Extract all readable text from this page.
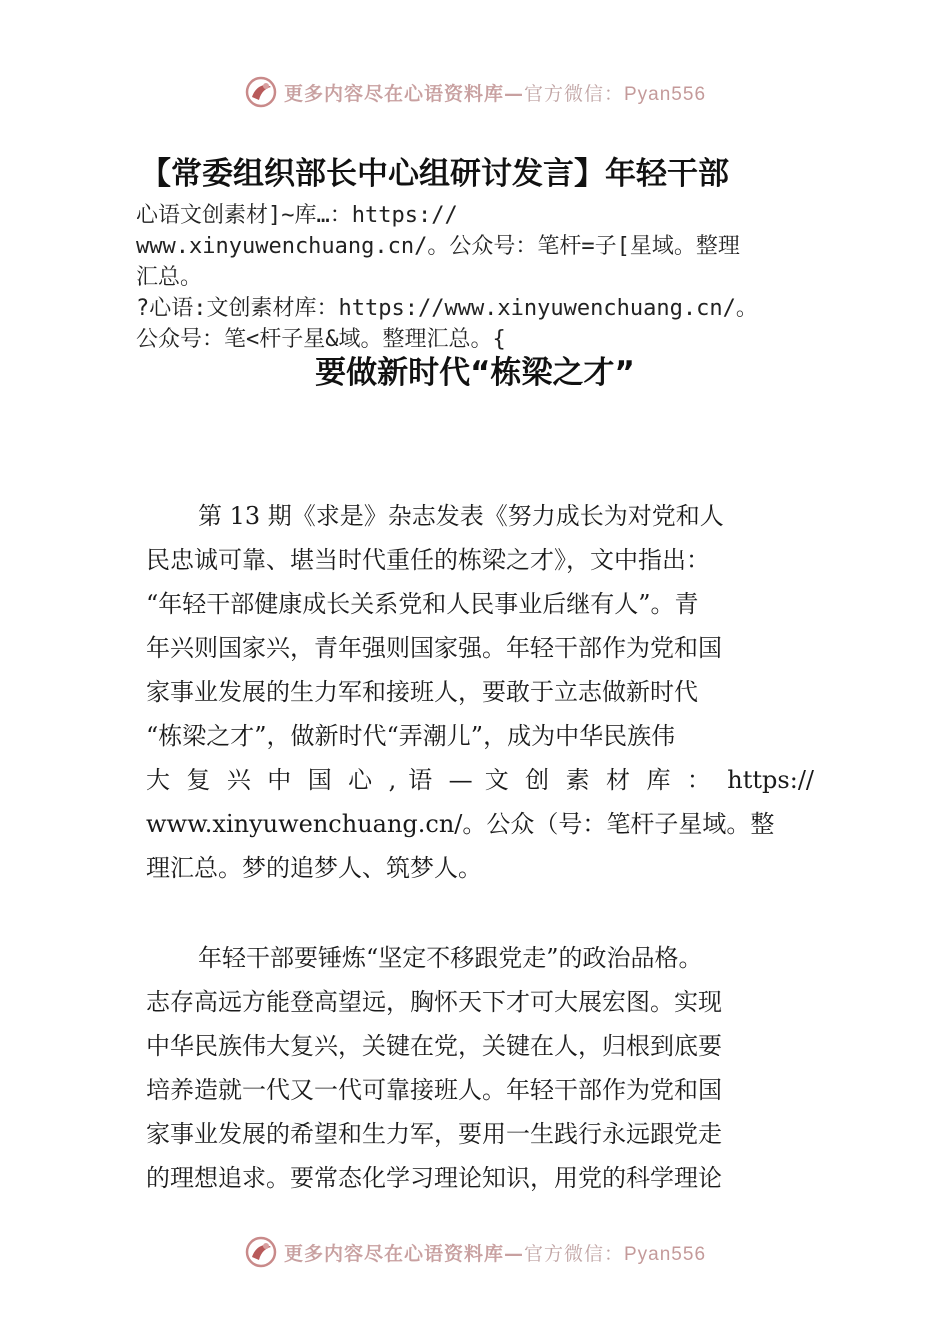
更多内容尽在心语资料库—官方微信：Pyan556
【常委组织部长中心组研讨发言】年轻干部
心语文创素材]~库…：https://
www.xinyuwenchuang.cn/。公众号：笔杆=子[星域。整理
汇总。
?心语:文创素材库：https://www.xinyuwenchuang.cn/。
公众号：笔<杆子星&域。整理汇总。{
要做新时代“栋梁之才”
第 13 期《求是》杂志发表《努力成长为对党和人
民忠诚可靠、堪当时代重任的栋梁之才》，文中指出：
“年轻干部健康成长关系党和人民事业后继有人”。青
年兴则国家兴，青年强则国家强。年轻干部作为党和国
家事业发展的生力军和接班人，要敢于立志做新时代
“栋梁之才”，做新时代“弄潮儿”，成为中华民族伟
大 复 兴 中 国 心 , 语 — 文 创 素 材 库 ： https://
www.xinyuwenchuang.cn/。公众（号：笔杆子星域。整
理汇总。梦的追梦人、筑梦人。
年轻干部要锤炼“坚定不移跟党走”的政治品格。
志存高远方能登高望远，胸怀天下才可大展宏图。实现
中华民族伟大复兴，关键在党，关键在人，归根到底要
培养造就一代又一代可靠接班人。年轻干部作为党和国
家事业发展的希望和生力军，要用一生践行永远跟党走
的理想追求。要常态化学习理论知识，用党的科学理论
更多内容尽在心语资料库—官方微信：Pyan556
